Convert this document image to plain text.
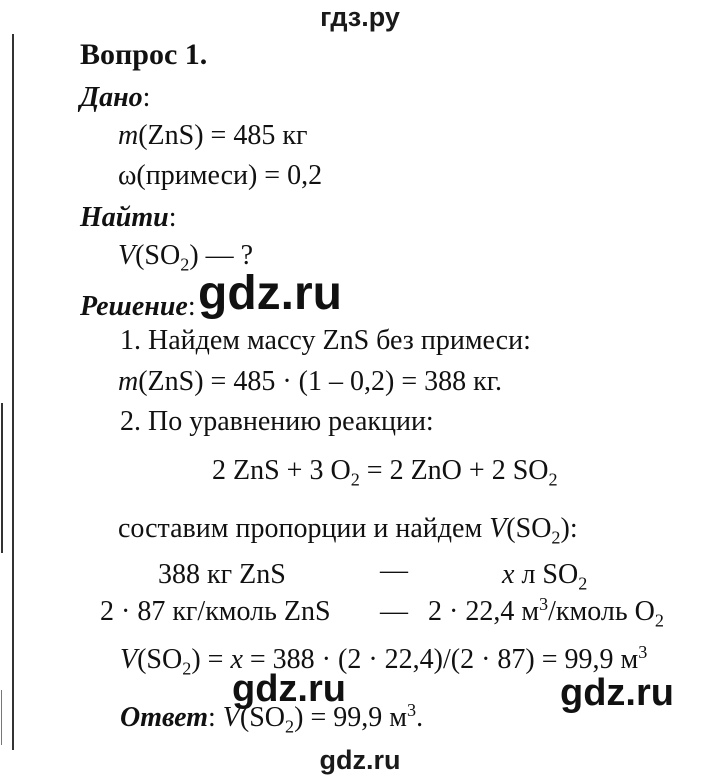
гдз.ру
Вопрос 1.
Дано:
m(ZnS) = 485 кг
ω(примеси) = 0,2
Найти:
$V(SO_2)$ — ?
Решение: gdz.ru
1. Найдем массу ZnS без примеси:
m(ZnS) = 485 · (1 – 0,2) = 388 кг.
2. По уравнению реакции:
2 ZnS + 3 $O_2 = 2$ ZnO + 2 $SO_2$
составим пропорции и найдем $V(SO_2)$:
388 кг ZnS	—	x л $SO_2$
2 · 87 кг/кмоль ZnS — 2 · 22,4 $м^3$/кмоль $O_2$
$V(SO_2) = x = 388 \cdot (2 \cdot 22,4)/(2 \cdot 87) = 99,9$ $м^3$
gdz.ru	gdz.ru
Ответ: $V(SO_2) = 99,9$ $м^3$.
gdz.ru
